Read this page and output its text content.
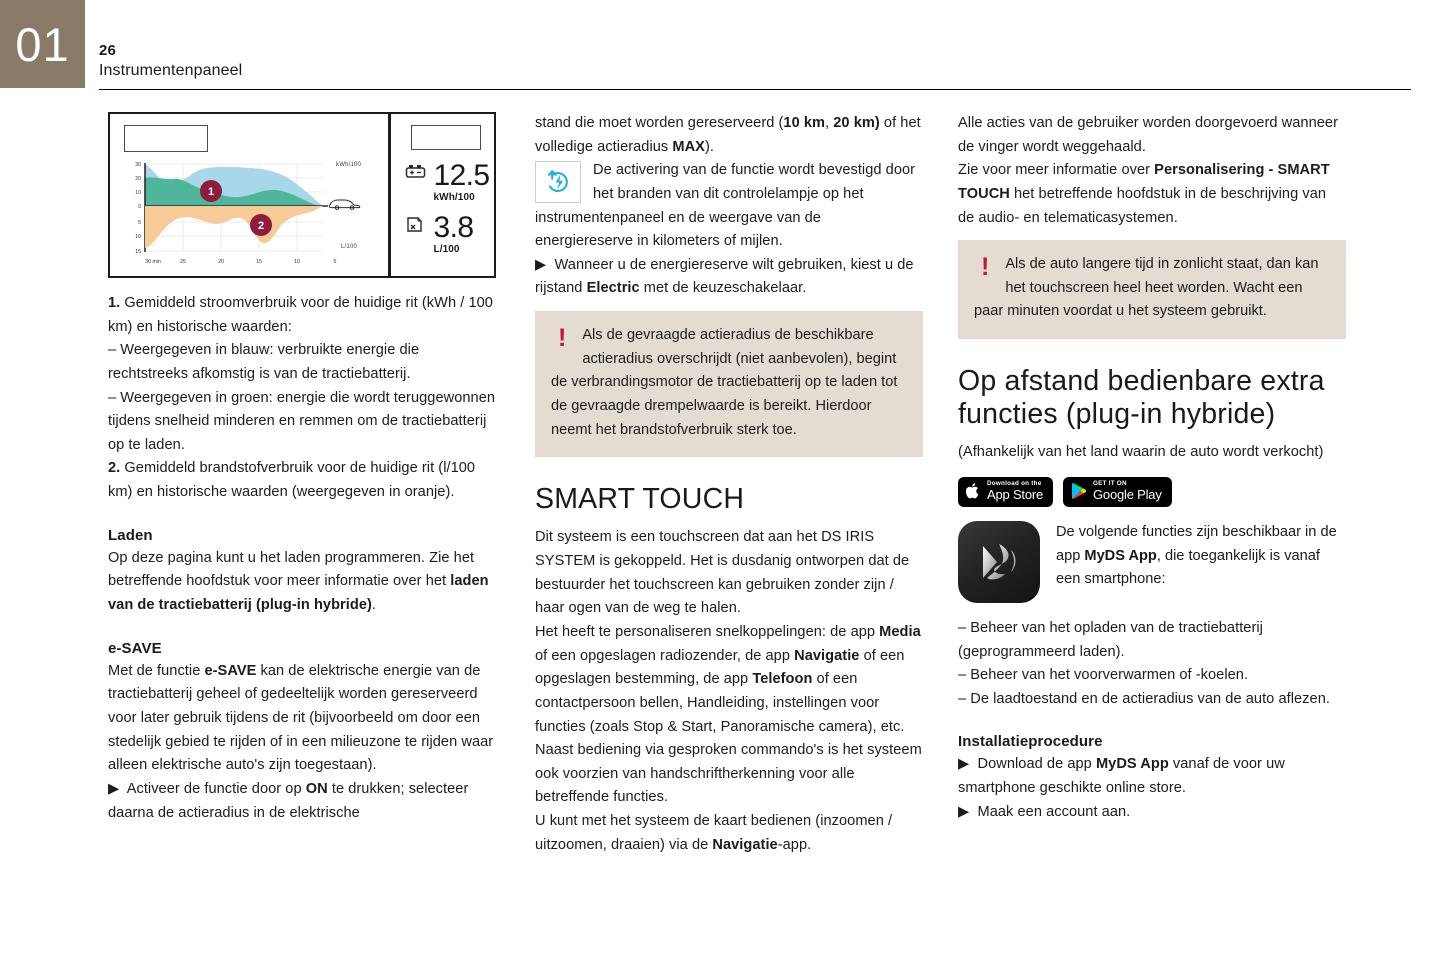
01 26
Instrumentenpaneel
30
20
10
0
5
10
15
1
2
30 min	25	20	15	10	5
kWh/100
L/100
12.5
kWh/100
3.8
L/100

1. Gemiddeld stroomverbruik voor de huidige rit (kWh / 100 km) en historische waarden:

– Weergegeven in blauw: verbruikte energie die rechtstreeks afkomstig is van de tractiebatterij.

– Weergegeven in groen: energie die wordt teruggewonnen tijdens snelheid minderen en remmen om de tractiebatterij op te laden.

2. Gemiddeld brandstofverbruik voor de huidige rit (l/100 km) en historische waarden (weergegeven in oranje).

Laden

Op deze pagina kunt u het laden programmeren. Zie het betreffende hoofdstuk voor meer informatie over het laden van de tractiebatterij (plug-in hybride).

e-SAVE

Met de functie e-SAVE kan de elektrische energie van de tractiebatterij geheel of gedeeltelijk worden gereserveerd voor later gebruik tijdens de rit (bijvoorbeeld om door een stedelijk gebied te rijden of in een milieuzone te rijden waar alleen elektrische auto's zijn toegestaan).

▶ Activeer de functie door op ON te drukken; selecteer daarna de actieradius in de elektrische

stand die moet worden gereserveerd (10 km, 20 km) of het volledige actieradius MAX).

De activering van de functie wordt bevestigd door het branden van dit controlelampje op het instrumentenpaneel en de weergave van de energiereserve in kilometers of mijlen.

▶ Wanneer u de energiereserve wilt gebruiken, kiest u de rijstand Electric met de keuzeschakelaar.

! Als de gevraagde actieradius de beschikbare actieradius overschrijdt (niet aanbevolen), begint de verbrandingsmotor de tractiebatterij op te laden tot de gevraagde drempelwaarde is bereikt. Hierdoor neemt het brandstofverbruik sterk toe.

SMART TOUCH

Dit systeem is een touchscreen dat aan het DS IRIS SYSTEM is gekoppeld. Het is dusdanig ontworpen dat de bestuurder het touchscreen kan gebruiken zonder zijn / haar ogen van de weg te halen.

Het heeft te personaliseren snelkoppelingen: de app Media of een opgeslagen radiozender, de app Navigatie of een opgeslagen bestemming, de app Telefoon of een contactpersoon bellen, Handleiding, instellingen voor functies (zoals Stop & Start, Panoramische camera), etc.

Naast bediening via gesproken commando's is het systeem ook voorzien van handschriftherkenning voor alle betreffende functies.

U kunt met het systeem de kaart bedienen (inzoomen / uitzoomen, draaien) via de Navigatie-app.

Alle acties van de gebruiker worden doorgevoerd wanneer de vinger wordt weggehaald.

Zie voor meer informatie over Personalisering - SMART TOUCH het betreffende hoofdstuk in de beschrijving van de audio- en telematicasystemen.

! Als de auto langere tijd in zonlicht staat, dan kan het touchscreen heel heet worden. Wacht een paar minuten voordat u het systeem gebruikt.

Op afstand bedienbare extra functies (plug-in hybride)

(Afhankelijk van het land waarin de auto wordt verkocht)

Download on the
App Store
GET IT ON
Google Play

De volgende functies zijn beschikbaar in de app MyDS App, die toegankelijk is vanaf een smartphone:

– Beheer van het opladen van de tractiebatterij (geprogrammeerd laden).

– Beheer van het voorverwarmen of -koelen.

– De laadtoestand en de actieradius van de auto aflezen.

Installatieprocedure

▶ Download de app MyDS App vanaf de voor uw smartphone geschikte online store.

▶ Maak een account aan.
